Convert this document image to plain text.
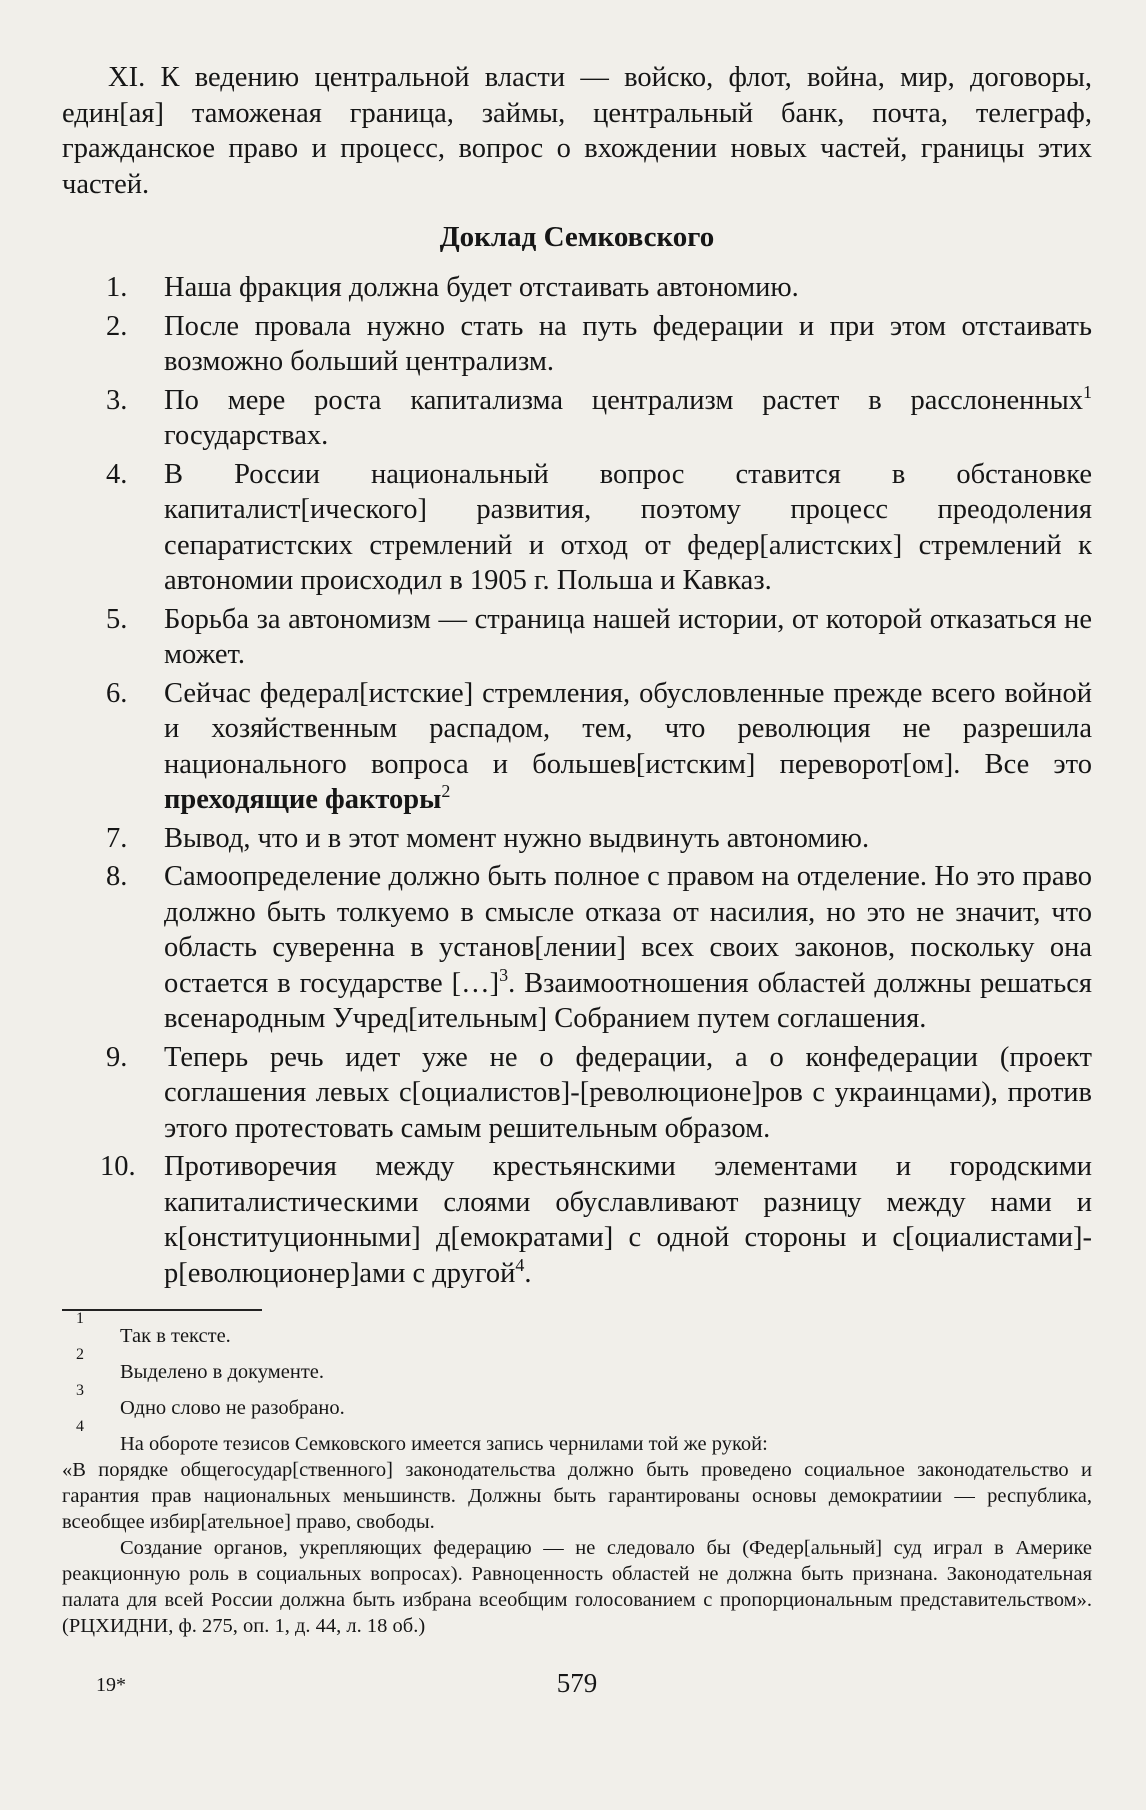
XI. К ведению центральной власти — войско, флот, война, мир, договоры, един[ая] таможеная граница, займы, центральный банк, почта, телеграф, гражданское право и процесс, вопрос о вхождении новых частей, границы этих частей.

Доклад Семковского
1.	Наша фракция должна будет отстаивать автономию.
2.	После провала нужно стать на путь федерации и при этом отстаивать возможно больший централизм.
3.	По мере роста капитализма централизм растет в расслоненных$^1$ государствах.
4.	В России национальный вопрос ставится в обстановке капиталист[ического] развития, поэтому процесс преодоления сепаратистских стремлений и отход от федер[алистских] стремлений к автономии происходил в 1905 г. Польша и Кавказ.
5.	Борьба за автономизм — страница нашей истории, от которой отказаться не может.
6.	Сейчас федерал[истские] стремления, обусловленные прежде всего войной и хозяйственным распадом, тем, что революция не разрешила национального вопроса и большев[истским] переворот[ом]. Все это преходящие факторы$^2$
7.	Вывод, что и в этот момент нужно выдвинуть автономию.
8.	Самоопределение должно быть полное с правом на отделение. Но это право должно быть толкуемо в смысле отказа от насилия, но это не значит, что область суверенна в установ[лении] всех своих законов, поскольку она остается в государстве […]$^3$. Взаимоотношения областей должны решаться всенародным Учред[ительным] Собранием путем соглашения.
9.	Теперь речь идет уже не о федерации, а о конфедерации (проект соглашения левых с[оциалистов]-[революционе]ров с украинцами), против этого протестовать самым решительным образом.
10. Противоречия между крестьянскими элементами и городскими капиталистическими слоями обуславливают разницу между нами и к[онституционными] д[емократами] с одной стороны и с[оциалистами]-р[еволюционер]ами с другой$^4$.
1
Так в тексте.
2
Выделено в документе.
3
Одно слово не разобрано.
4
На обороте тезисов Семковского имеется запись чернилами той же рукой:

«В порядке общегосудар[ственного] законодательства должно быть проведено социальное законодательство и гарантия прав национальных меньшинств. Должны быть гарантированы основы демократиии — республика, всеобщее избир[ательное] право, свободы.

Создание органов, укрепляющих федерацию — не следовало бы (Федер[альный] суд играл в Америке реакционную роль в социальных вопросах). Равноценность областей не должна быть признана. Законодательная палата для всей России должна быть избрана всеобщим голосованием с пропорциональным представительством». (РЦХИДНИ, ф. 275, оп. 1, д. 44, л. 18 об.)

19*	579
